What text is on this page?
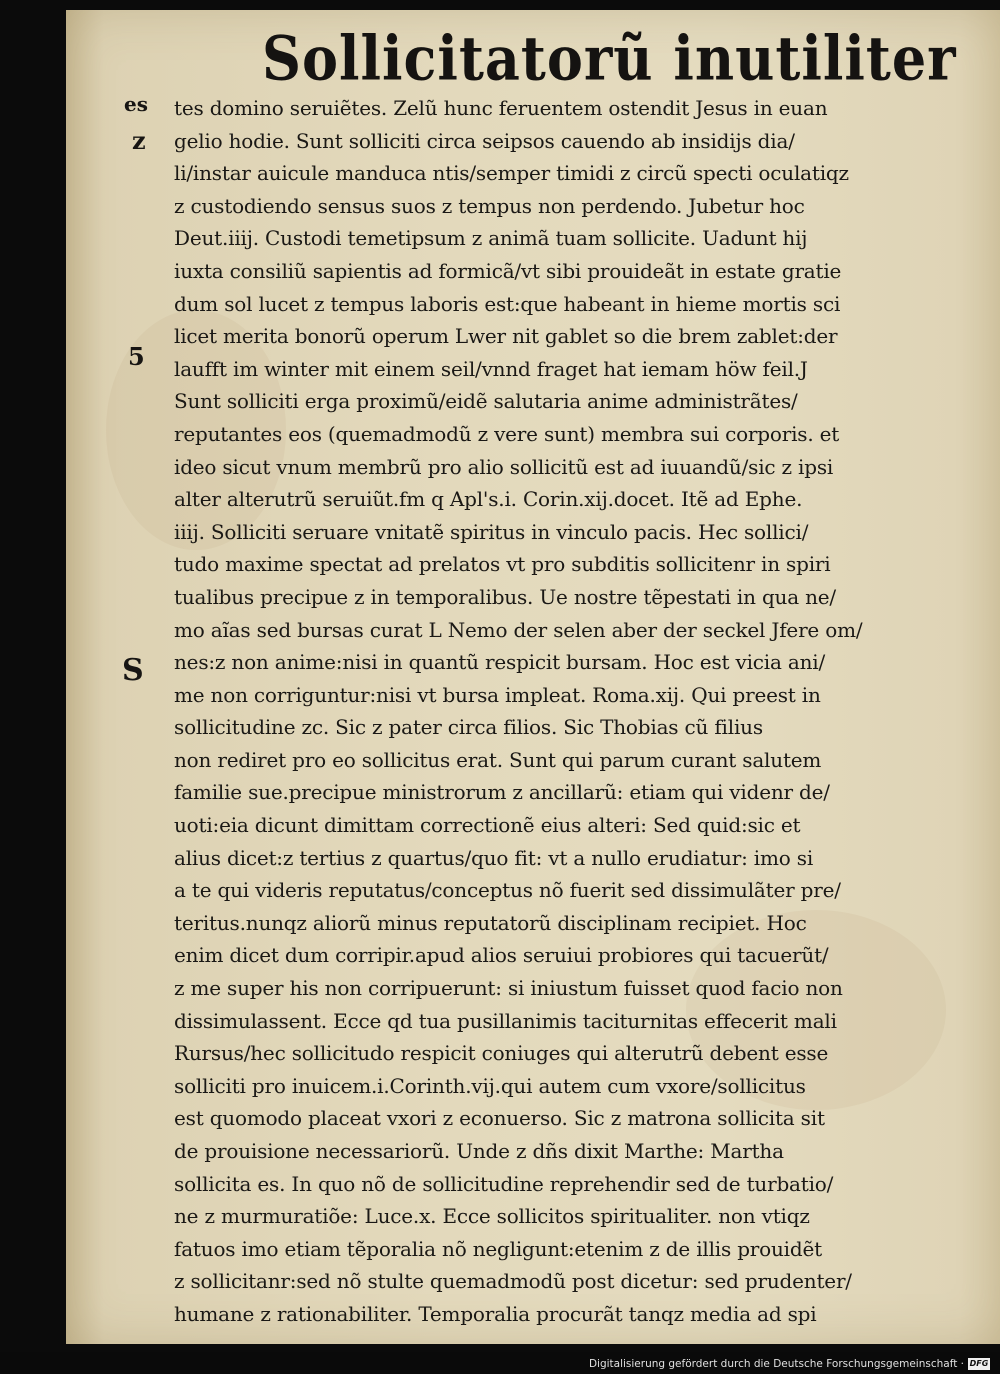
Sollicitatorũ inutiliter
es
z
5
S
tes domino seruiẽtes. Zelũ hunc feruentem ostendit Jesus in euan
gelio hodie. Sunt solliciti circa seipsos cauendo ab insidijs dia/
li/instar auicule manduca ntis/semper timidi z circũ specti oculatiqz
z custodiendo sensus suos z tempus non perdendo. Jubetur hoc
Deut.iiij. Custodi temetipsum z animã tuam sollicite. Uadunt hij
iuxta consiliũ sapientis ad formicã/vt sibi prouideãt in estate gratie
dum sol lucet z tempus laboris est:que habeant in hieme mortis sci
licet merita bonorũ operum Lwer nit gablet so die brem zablet:der
laufft im winter mit einem seil/vnnd fraget hat iemam höw feil.J
Sunt solliciti erga proximũ/eidẽ salutaria anime administrãtes/
reputantes eos (quemadmodũ z vere sunt) membra sui corporis. et
ideo sicut vnum membrũ pro alio sollicitũ est ad iuuandũ/sic z ipsi
alter alterutrũ seruiũt.fm q Apl's.i. Corin.xij.docet. Itẽ ad Ephe.
iiij. Solliciti seruare vnitatẽ spiritus in vinculo pacis. Hec sollici/
tudo maxime spectat ad prelatos vt pro subditis sollicitenr in spiri
tualibus precipue z in temporalibus. Ue nostre tẽpestati in qua ne/
mo aĩas sed bursas curat L Nemo der selen aber der seckel Jfere om/
nes:z non anime:nisi in quantũ respicit bursam. Hoc est vicia ani/
me non corriguntur:nisi vt bursa impleat. Roma.xij. Qui preest in
sollicitudine zc. Sic z pater circa filios. Sic Thobias cũ filius
non rediret pro eo sollicitus erat. Sunt qui parum curant salutem
familie sue.precipue ministrorum z ancillarũ: etiam qui videnr de/
uoti:eia dicunt dimittam correctionẽ eius alteri: Sed quid:sic et
alius dicet:z tertius z quartus/quo fit: vt a nullo erudiatur: imo si
a te qui videris reputatus/conceptus nõ fuerit sed dissimulãter pre/
teritus.nunqz aliorũ minus reputatorũ disciplinam recipiet. Hoc
enim dicet dum corripir.apud alios seruiui probiores qui tacuerũt/
z me super his non corripuerunt: si iniustum fuisset quod facio non
dissimulassent. Ecce qd tua pusillanimis taciturnitas effecerit mali
Rursus/hec sollicitudo respicit coniuges qui alterutrũ debent esse
solliciti pro inuicem.i.Corinth.vij.qui autem cum vxore/sollicitus
est quomodo placeat vxori z econuerso. Sic z matrona sollicita sit
de prouisione necessariorũ. Unde z dñs dixit Marthe: Martha
sollicita es. In quo nõ de sollicitudine reprehendir sed de turbatio/
ne z murmuratiõe: Luce.x. Ecce sollicitos spiritualiter. non vtiqz
fatuos imo etiam tẽporalia nõ negligunt:etenim z de illis prouidẽt
z sollicitanr:sed nõ stulte quemadmodũ post dicetur: sed prudenter/
humane z rationabiliter. Temporalia procurãt tanqz media ad spi
Digitalisierung gefördert durch die Deutsche Forschungsgemeinschaft · DFG
